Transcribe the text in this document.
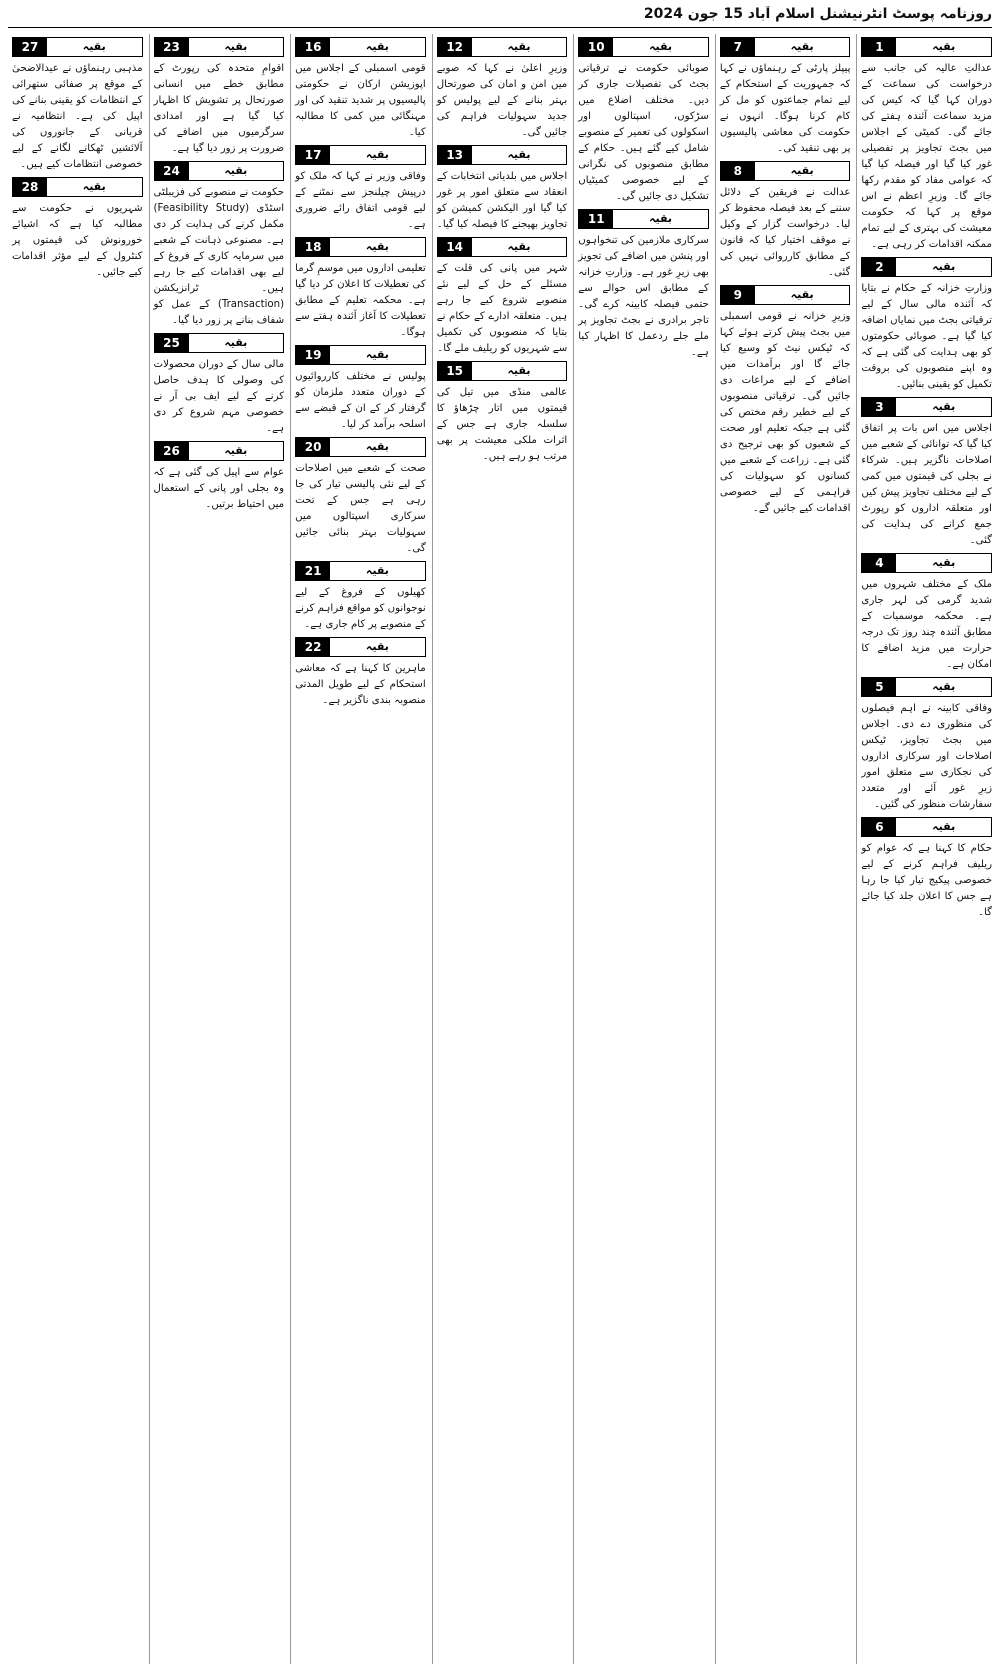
روزنامہ پوسٹ انٹرنیشنل اسلام آباد 15 جون 2024
بقیہ
1
عدالتِ عالیہ کی جانب سے درخواست کی سماعت کے دوران کہا گیا کہ کیس کی مزید سماعت آئندہ ہفتے کی جائے گی۔ کمیٹی کے اجلاس میں بجٹ تجاویز پر تفصیلی غور کیا گیا اور فیصلہ کیا گیا کہ عوامی مفاد کو مقدم رکھا جائے گا۔ وزیرِ اعظم نے اس موقع پر کہا کہ حکومت معیشت کی بہتری کے لیے تمام ممکنہ اقدامات کر رہی ہے۔
بقیہ
2
وزارتِ خزانہ کے حکام نے بتایا کہ آئندہ مالی سال کے لیے ترقیاتی بجٹ میں نمایاں اضافہ کیا گیا ہے۔ صوبائی حکومتوں کو بھی ہدایت کی گئی ہے کہ وہ اپنے منصوبوں کی بروقت تکمیل کو یقینی بنائیں۔
بقیہ
3
اجلاس میں اس بات پر اتفاق کیا گیا کہ توانائی کے شعبے میں اصلاحات ناگزیر ہیں۔ شرکاء نے بجلی کی قیمتوں میں کمی کے لیے مختلف تجاویز پیش کیں اور متعلقہ اداروں کو رپورٹ جمع کرانے کی ہدایت کی گئی۔
بقیہ
4
ملک کے مختلف شہروں میں شدید گرمی کی لہر جاری ہے۔ محکمہ موسمیات کے مطابق آئندہ چند روز تک درجہ حرارت میں مزید اضافے کا امکان ہے۔
بقیہ
5
وفاقی کابینہ نے اہم فیصلوں کی منظوری دے دی۔ اجلاس میں بجٹ تجاویز، ٹیکس اصلاحات اور سرکاری اداروں کی نجکاری سے متعلق امور زیرِ غور آئے اور متعدد سفارشات منظور کی گئیں۔
بقیہ
6
حکام کا کہنا ہے کہ عوام کو ریلیف فراہم کرنے کے لیے خصوصی پیکیج تیار کیا جا رہا ہے جس کا اعلان جلد کیا جائے گا۔
بقیہ
7
پیپلز پارٹی کے رہنماؤں نے کہا کہ جمہوریت کے استحکام کے لیے تمام جماعتوں کو مل کر کام کرنا ہوگا۔ انہوں نے حکومت کی معاشی پالیسیوں پر بھی تنقید کی۔
بقیہ
8
عدالت نے فریقین کے دلائل سننے کے بعد فیصلہ محفوظ کر لیا۔ درخواست گزار کے وکیل نے موقف اختیار کیا کہ قانون کے مطابق کارروائی نہیں کی گئی۔
بقیہ
9
وزیرِ خزانہ نے قومی اسمبلی میں بجٹ پیش کرتے ہوئے کہا کہ ٹیکس نیٹ کو وسیع کیا جائے گا اور برآمدات میں اضافے کے لیے مراعات دی جائیں گی۔ ترقیاتی منصوبوں کے لیے خطیر رقم مختص کی گئی ہے جبکہ تعلیم اور صحت کے شعبوں کو بھی ترجیح دی گئی ہے۔ زراعت کے شعبے میں کسانوں کو سہولیات کی فراہمی کے لیے خصوصی اقدامات کیے جائیں گے۔
بقیہ
10
صوبائی حکومت نے ترقیاتی بجٹ کی تفصیلات جاری کر دیں۔ مختلف اضلاع میں سڑکوں، اسپتالوں اور اسکولوں کی تعمیر کے منصوبے شامل کیے گئے ہیں۔ حکام کے مطابق منصوبوں کی نگرانی کے لیے خصوصی کمیٹیاں تشکیل دی جائیں گی۔
بقیہ
11
سرکاری ملازمین کی تنخواہوں اور پنشن میں اضافے کی تجویز بھی زیرِ غور ہے۔ وزارتِ خزانہ کے مطابق اس حوالے سے حتمی فیصلہ کابینہ کرے گی۔ تاجر برادری نے بجٹ تجاویز پر ملے جلے ردعمل کا اظہار کیا ہے۔
بقیہ
12
وزیرِ اعلیٰ نے کہا کہ صوبے میں امن و امان کی صورتحال بہتر بنانے کے لیے پولیس کو جدید سہولیات فراہم کی جائیں گی۔
بقیہ
13
اجلاس میں بلدیاتی انتخابات کے انعقاد سے متعلق امور پر غور کیا گیا اور الیکشن کمیشن کو تجاویز بھیجنے کا فیصلہ کیا گیا۔
بقیہ
14
شہر میں پانی کی قلت کے مسئلے کے حل کے لیے نئے منصوبے شروع کیے جا رہے ہیں۔ متعلقہ ادارے کے حکام نے بتایا کہ منصوبوں کی تکمیل سے شہریوں کو ریلیف ملے گا۔
بقیہ
15
عالمی منڈی میں تیل کی قیمتوں میں اتار چڑھاؤ کا سلسلہ جاری ہے جس کے اثرات ملکی معیشت پر بھی مرتب ہو رہے ہیں۔
بقیہ
16
قومی اسمبلی کے اجلاس میں اپوزیشن ارکان نے حکومتی پالیسیوں پر شدید تنقید کی اور مہنگائی میں کمی کا مطالبہ کیا۔
بقیہ
17
وفاقی وزیر نے کہا کہ ملک کو درپیش چیلنجز سے نمٹنے کے لیے قومی اتفاق رائے ضروری ہے۔
بقیہ
18
تعلیمی اداروں میں موسمِ گرما کی تعطیلات کا اعلان کر دیا گیا ہے۔ محکمہ تعلیم کے مطابق تعطیلات کا آغاز آئندہ ہفتے سے ہوگا۔
بقیہ
19
پولیس نے مختلف کارروائیوں کے دوران متعدد ملزمان کو گرفتار کر کے ان کے قبضے سے اسلحہ برآمد کر لیا۔
بقیہ
20
صحت کے شعبے میں اصلاحات کے لیے نئی پالیسی تیار کی جا رہی ہے جس کے تحت سرکاری اسپتالوں میں سہولیات بہتر بنائی جائیں گی۔
بقیہ
21
کھیلوں کے فروغ کے لیے نوجوانوں کو مواقع فراہم کرنے کے منصوبے پر کام جاری ہے۔
بقیہ
22
ماہرین کا کہنا ہے کہ معاشی استحکام کے لیے طویل المدتی منصوبہ بندی ناگزیر ہے۔
بقیہ
23
اقوامِ متحدہ کی رپورٹ کے مطابق خطے میں انسانی صورتحال پر تشویش کا اظہار کیا گیا ہے اور امدادی سرگرمیوں میں اضافے کی ضرورت پر زور دیا گیا ہے۔
بقیہ
24
حکومت نے منصوبے کی فزیبلٹی اسٹڈی (Feasibility Study) مکمل کرنے کی ہدایت کر دی ہے۔ مصنوعی ذہانت کے شعبے میں سرمایہ کاری کے فروغ کے لیے بھی اقدامات کیے جا رہے ہیں۔ ٹرانزیکشن (Transaction) کے عمل کو شفاف بنانے پر زور دیا گیا۔
بقیہ
25
مالی سال کے دوران محصولات کی وصولی کا ہدف حاصل کرنے کے لیے ایف بی آر نے خصوصی مہم شروع کر دی ہے۔
بقیہ
26
عوام سے اپیل کی گئی ہے کہ وہ بجلی اور پانی کے استعمال میں احتیاط برتیں۔
بقیہ
27
مذہبی رہنماؤں نے عیدالاضحیٰ کے موقع پر صفائی ستھرائی کے انتظامات کو یقینی بنانے کی اپیل کی ہے۔ انتظامیہ نے قربانی کے جانوروں کی آلائشیں ٹھکانے لگانے کے لیے خصوصی انتظامات کیے ہیں۔
بقیہ
28
شہریوں نے حکومت سے مطالبہ کیا ہے کہ اشیائے خورونوش کی قیمتوں پر کنٹرول کے لیے مؤثر اقدامات کیے جائیں۔
